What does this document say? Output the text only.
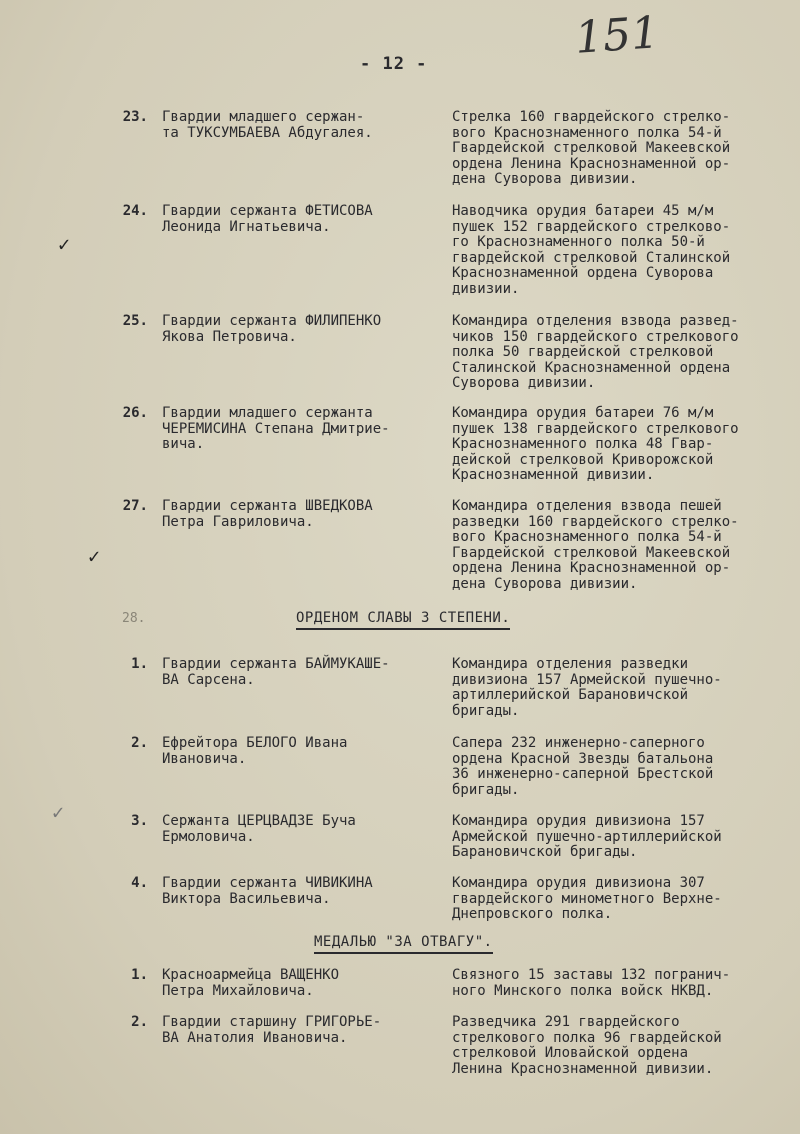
151
- 12 -
23. Гвардии младшего сержан-
та ТУКСУМБАЕВА Абдугалея.
Стрелка 160 гвардейского стрелко-
вого Краснознаменного полка 54-й
Гвардейской стрелковой Макеевской
ордена Ленина Краснознаменной ор-
дена Суворова дивизии.
24. Гвардии сержанта ФЕТИСОВА
Леонида Игнатьевича.
Наводчика орудия батареи 45 м/м
пушек 152 гвардейского стрелково-
го Краснознаменного полка 50-й
гвардейской стрелковой Сталинской
Краснознаменной ордена Суворова
дивизии.
25. Гвардии сержанта ФИЛИПЕНКО
Якова Петровича.
Командира отделения взвода развед-
чиков 150 гвардейского стрелкового
полка 50 гвардейской стрелковой
Сталинской Краснознаменной ордена
Суворова дивизии.
26. Гвардии младшего сержанта
ЧЕРЕМИСИНА Степана Дмитрие-
вича.
Командира орудия батареи 76 м/м
пушек 138 гвардейского стрелкового
Краснознаменного полка 48 Гвар-
дейской стрелковой Криворожской
Краснознаменной дивизии.
27. Гвардии сержанта ШВЕДКОВА
Петра Гавриловича.
Командира отделения взвода пешей
разведки 160 гвардейского стрелко-
вого Краснознаменного полка 54-й
Гвардейской стрелковой Макеевской
ордена Ленина Краснознаменной ор-
дена Суворова дивизии.
28.	ОРДЕНОМ СЛАВЫ 3 СТЕПЕНИ.
1. Гвардии сержанта БАЙМУКАШЕ-
ВА Сарсена.
Командира отделения разведки
дивизиона 157 Армейской пушечно-
артиллерийской Барановичской
бригады.
2. Ефрейтора БЕЛОГО Ивана
Ивановича.
Сапера 232 инженерно-саперного
ордена Красной Звезды батальона
36 инженерно-саперной Брестской
бригады.
3. Сержанта ЦЕРЦВАДЗЕ Буча
Ермоловича.
Командира орудия дивизиона 157
Армейской пушечно-артиллерийской
Барановичской бригады.
4. Гвардии сержанта ЧИВИКИНА
Виктора Васильевича.
Командира орудия дивизиона 307
гвардейского минометного Верхне-
Днепровского полка.
МЕДАЛЬЮ "ЗА ОТВАГУ".
1. Красноармейца ВАЩЕНКО
Петра Михайловича.
Связного 15 заставы 132 погранич-
ного Минского полка войск НКВД.
2. Гвардии старшину ГРИГОРЬЕ-
ВА Анатолия Ивановича.
Разведчика 291 гвардейского
стрелкового полка 96 гвардейской
стрелковой Иловайской ордена
Ленина Краснознаменной дивизии.
✓
✓
✓
